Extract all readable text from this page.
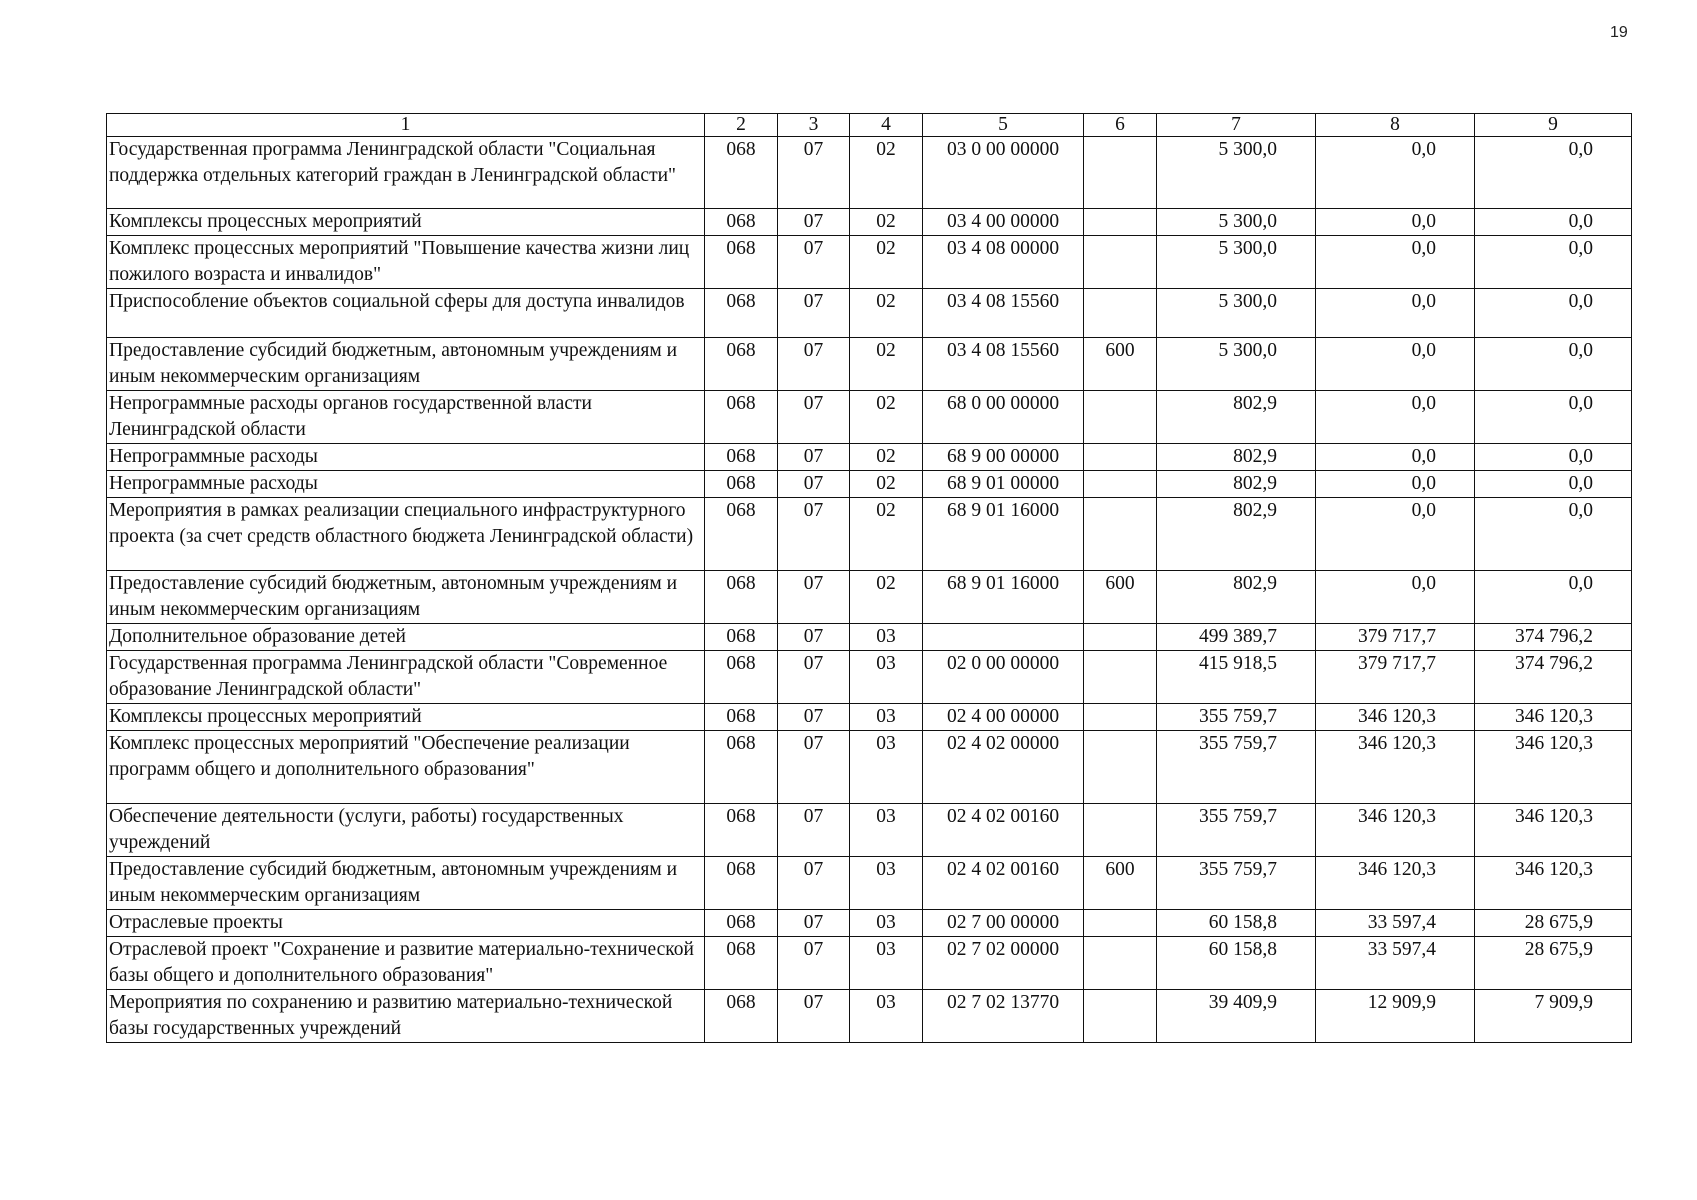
19
1	2	3	4	5	6	7	8	9
Государственная программа Ленинградской области "Социальная поддержка отдельных категорий граждан в Ленинградской области"	068	07	02	03 0 00 00000		5 300,0	0,0	0,0
Комплексы процессных мероприятий	068	07	02	03 4 00 00000		5 300,0	0,0	0,0
Комплекс процессных мероприятий "Повышение качества жизни лиц пожилого возраста и инвалидов"	068	07	02	03 4 08 00000		5 300,0	0,0	0,0
Приспособление объектов социальной сферы для доступа инвалидов	068	07	02	03 4 08 15560		5 300,0	0,0	0,0
Предоставление субсидий бюджетным, автономным учреждениям и иным некоммерческим организациям	068	07	02	03 4 08 15560	600	5 300,0	0,0	0,0
Непрограммные расходы органов государственной власти Ленинградской области	068	07	02	68 0 00 00000		802,9	0,0	0,0
Непрограммные расходы	068	07	02	68 9 00 00000		802,9	0,0	0,0
Непрограммные расходы	068	07	02	68 9 01 00000		802,9	0,0	0,0
Мероприятия в рамках реализации специального инфраструктурного проекта (за счет средств областного бюджета Ленинградской области)	068	07	02	68 9 01 16000		802,9	0,0	0,0
Предоставление субсидий бюджетным, автономным учреждениям и иным некоммерческим организациям	068	07	02	68 9 01 16000	600	802,9	0,0	0,0
Дополнительное образование детей	068	07	03			499 389,7	379 717,7	374 796,2
Государственная программа Ленинградской области "Современное образование Ленинградской области"	068	07	03	02 0 00 00000		415 918,5	379 717,7	374 796,2
Комплексы процессных мероприятий	068	07	03	02 4 00 00000		355 759,7	346 120,3	346 120,3
Комплекс процессных мероприятий "Обеспечение реализации программ общего и дополнительного образования"	068	07	03	02 4 02 00000		355 759,7	346 120,3	346 120,3
Обеспечение деятельности (услуги, работы) государственных учреждений	068	07	03	02 4 02 00160		355 759,7	346 120,3	346 120,3
Предоставление субсидий бюджетным, автономным учреждениям и иным некоммерческим организациям	068	07	03	02 4 02 00160	600	355 759,7	346 120,3	346 120,3
Отраслевые проекты	068	07	03	02 7 00 00000		60 158,8	33 597,4	28 675,9
Отраслевой проект "Сохранение и развитие материально-технической базы общего и дополнительного образования"	068	07	03	02 7 02 00000		60 158,8	33 597,4	28 675,9
Мероприятия по сохранению и развитию материально-технической базы государственных учреждений	068	07	03	02 7 02 13770		39 409,9	12 909,9	7 909,9
